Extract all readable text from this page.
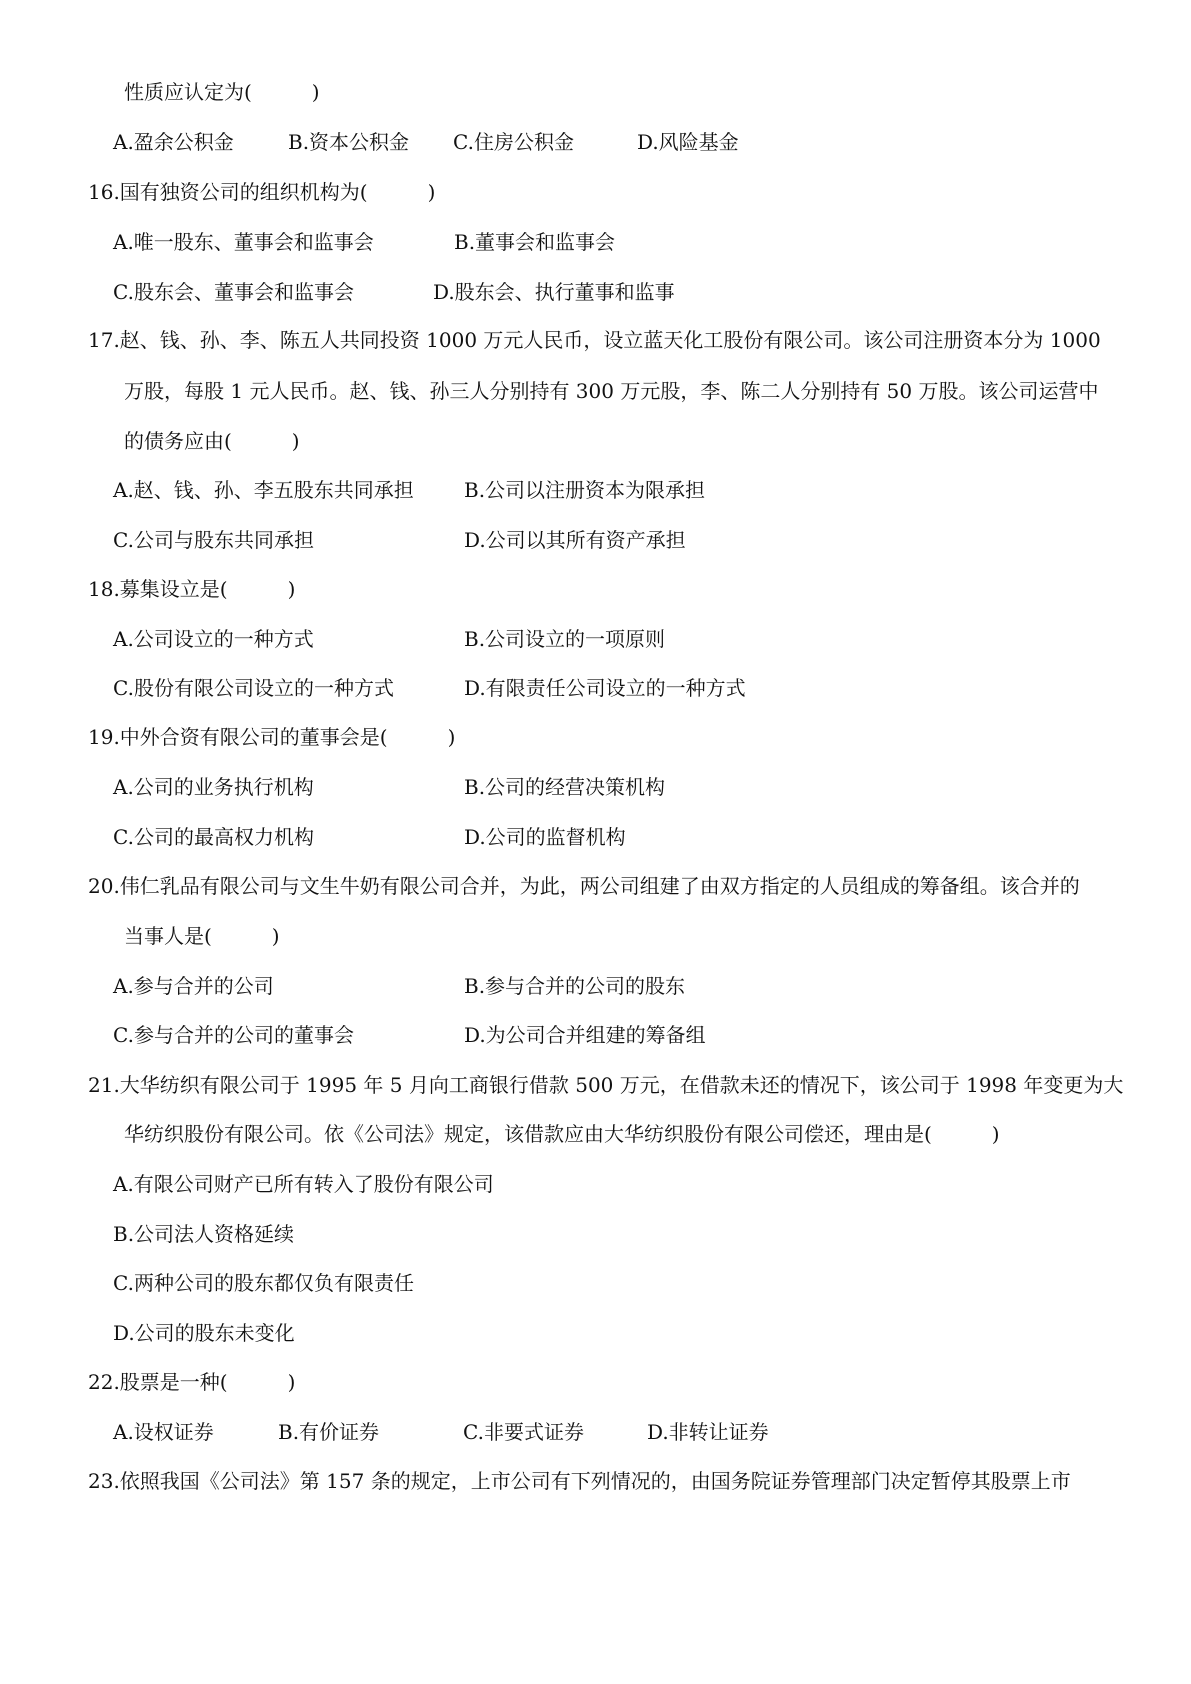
性质应认定为(　　　)
A.盈余公积金	B.资本公积金 C.住房公积金	D.风险基金
16.国有独资公司的组织机构为(　　　)
A.唯一股东、董事会和监事会	B.董事会和监事会
C.股东会、董事会和监事会	D.股东会、执行董事和监事
17.赵、钱、孙、李、陈五人共同投资 1000 万元人民币，设立蓝天化工股份有限公司。该公司注册资本分为 1000
万股，每股 1 元人民币。赵、钱、孙三人分别持有 300 万元股，李、陈二人分别持有 50 万股。该公司运营中
的债务应由(　　　)
A.赵、钱、孙、李五股东共同承担	B.公司以注册资本为限承担
C.公司与股东共同承担	D.公司以其所有资产承担
18.募集设立是(　　　)
A.公司设立的一种方式	B.公司设立的一项原则
C.股份有限公司设立的一种方式	D.有限责任公司设立的一种方式
19.中外合资有限公司的董事会是(　　　)
A.公司的业务执行机构	B.公司的经营决策机构
C.公司的最高权力机构	D.公司的监督机构
20.伟仁乳品有限公司与文生牛奶有限公司合并，为此，两公司组建了由双方指定的人员组成的筹备组。该合并的
当事人是(　　　)
A.参与合并的公司	B.参与合并的公司的股东
C.参与合并的公司的董事会	D.为公司合并组建的筹备组
21.大华纺织有限公司于 1995 年 5 月向工商银行借款 500 万元，在借款未还的情况下，该公司于 1998 年变更为大
华纺织股份有限公司。依《公司法》规定，该借款应由大华纺织股份有限公司偿还，理由是(　　　)
A.有限公司财产已所有转入了股份有限公司
B.公司法人资格延续
C.两种公司的股东都仅负有限责任
D.公司的股东未变化
22.股票是一种(　　　)
A.设权证券	B.有价证券	C.非要式证券	D.非转让证券
23.依照我国《公司法》第 157 条的规定，上市公司有下列情况的，由国务院证券管理部门决定暂停其股票上市
